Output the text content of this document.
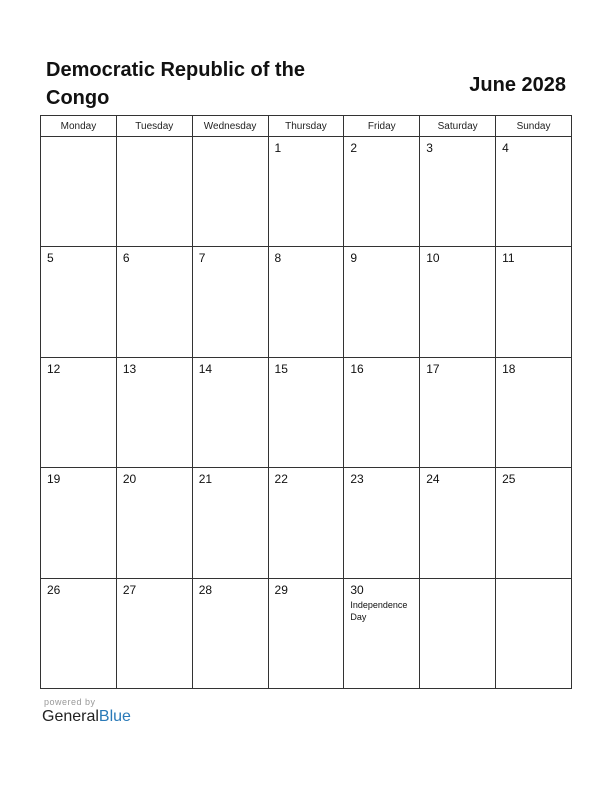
Democratic Republic of the Congo
June 2028
Monday	Tuesday	Wednesday	Thursday	Friday	Saturday	Sunday

			1	2	3	4

5	6	7	8	9	10	11

12	13	14	15	16	17	18

19	20	21	22	23	24	25

26	27	28	29	30
Independence Day		

powered by
GeneralBlue
